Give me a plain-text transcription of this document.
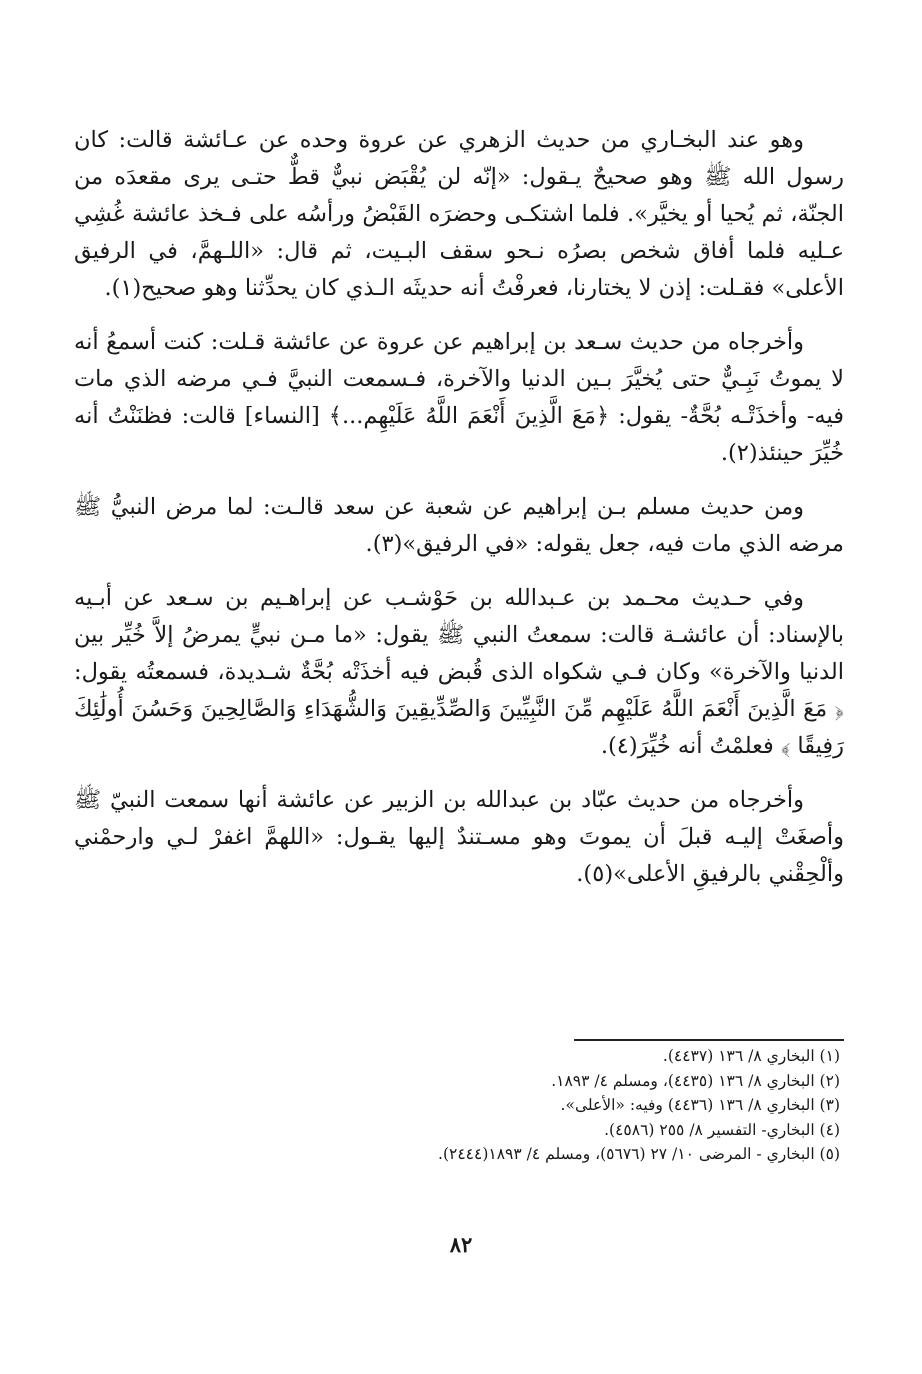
وهو عند البخـاري من حديث الزهري عن عروة وحده عن عـائشة قالت: كان رسول الله ﷺ وهو صحيحٌ يـقول: «إنّه لن يُقْبَض نبيٌّ قطٌّ حتـى يرى مقعدَه من الجنّة، ثم يُحيا أو يخيَّر». فلما اشتكـى وحضرَه القَبْضُ ورأسُه على فـخذ عائشة غُشِي عـليه فلما أفاق شخص بصرُه نـحو سقف البـيت، ثم قال: «اللـهمَّ، في الرفيق الأعلى» فقـلت: إذن لا يختارنا، فعرفْتُ أنه حديثَه الـذي كان يحدِّثنا وهو صحيح(١).

وأخرجاه من حديث سـعد بن إبراهيم عن عروة عن عائشة قـلت: كنت أسمعُ أنه لا يموتُ نَبِـيٌّ حتى يُخيَّرَ بـين الدنيا والآخرة، فـسمعت النبيَّ فـي مرضه الذي مات فيه- وأخذَتْـه بُحَّةٌ- يقول: ﴿مَعَ الَّذِينَ أَنْعَمَ اللَّهُ عَلَيْهِم...﴾ [النساء] قالت: فظنَنْتُ أنه خُيِّرَ حينئذ(٢).

ومن حديث مسلم بـن إبراهيم عن شعبة عن سعد قالـت: لما مرض النبيُّ ﷺ مرضه الذي مات فيه، جعل يقوله: «في الرفيق»(٣).

وفي حـديث محـمد بن عـبدالله بن حَوْشـب عن إبراهـيم بن سـعد عن أبـيه بالإسناد: أن عائشـة قالت: سمعتُ النبي ﷺ يقول: «ما مـن نبيٍّ يمرضُ إلاَّ خُيِّر بين الدنيا والآخرة» وكان فـي شكواه الذى قُبض فيه أخذَتْه بُحَّةٌ شـديدة، فسمعتُه يقول: ﴿ مَعَ الَّذِينَ أَنْعَمَ اللَّهُ عَلَيْهِم مِّنَ النَّبِيِّينَ وَالصِّدِّيقِينَ وَالشُّهَدَاءِ وَالصَّالِحِينَ وَحَسُنَ أُولَٰئِكَ رَفِيقًا ﴾ فعلمْتُ أنه خُيِّرَ(٤).

وأخرجاه من حديث عبّاد بن عبدالله بن الزبير عن عائشة أنها سمعت النبيّ ﷺ وأصغَتْ إليـه قبلَ أن يموتَ وهو مسـتندٌ إليها يقـول: «اللهمَّ اغفرْ لـي وارحمْني وألْحِقْني بالرفيقِ الأعلى»(٥).

(١) البخاري ٨/ ١٣٦ (٤٤٣٧).
(٢) البخاري ٨/ ١٣٦ (٤٤٣٥)، ومسلم ٤/ ١٨٩٣.
(٣) البخاري ٨/ ١٣٦ (٤٤٣٦) وفيه: «الأعلى».
(٤) البخاري- التفسير ٨/ ٢٥٥ (٤٥٨٦).
(٥) البخاري - المرضى ١٠/ ٢٧ (٥٦٧٦)، ومسلم ٤/ ١٨٩٣(٢٤٤٤).
٨٢
